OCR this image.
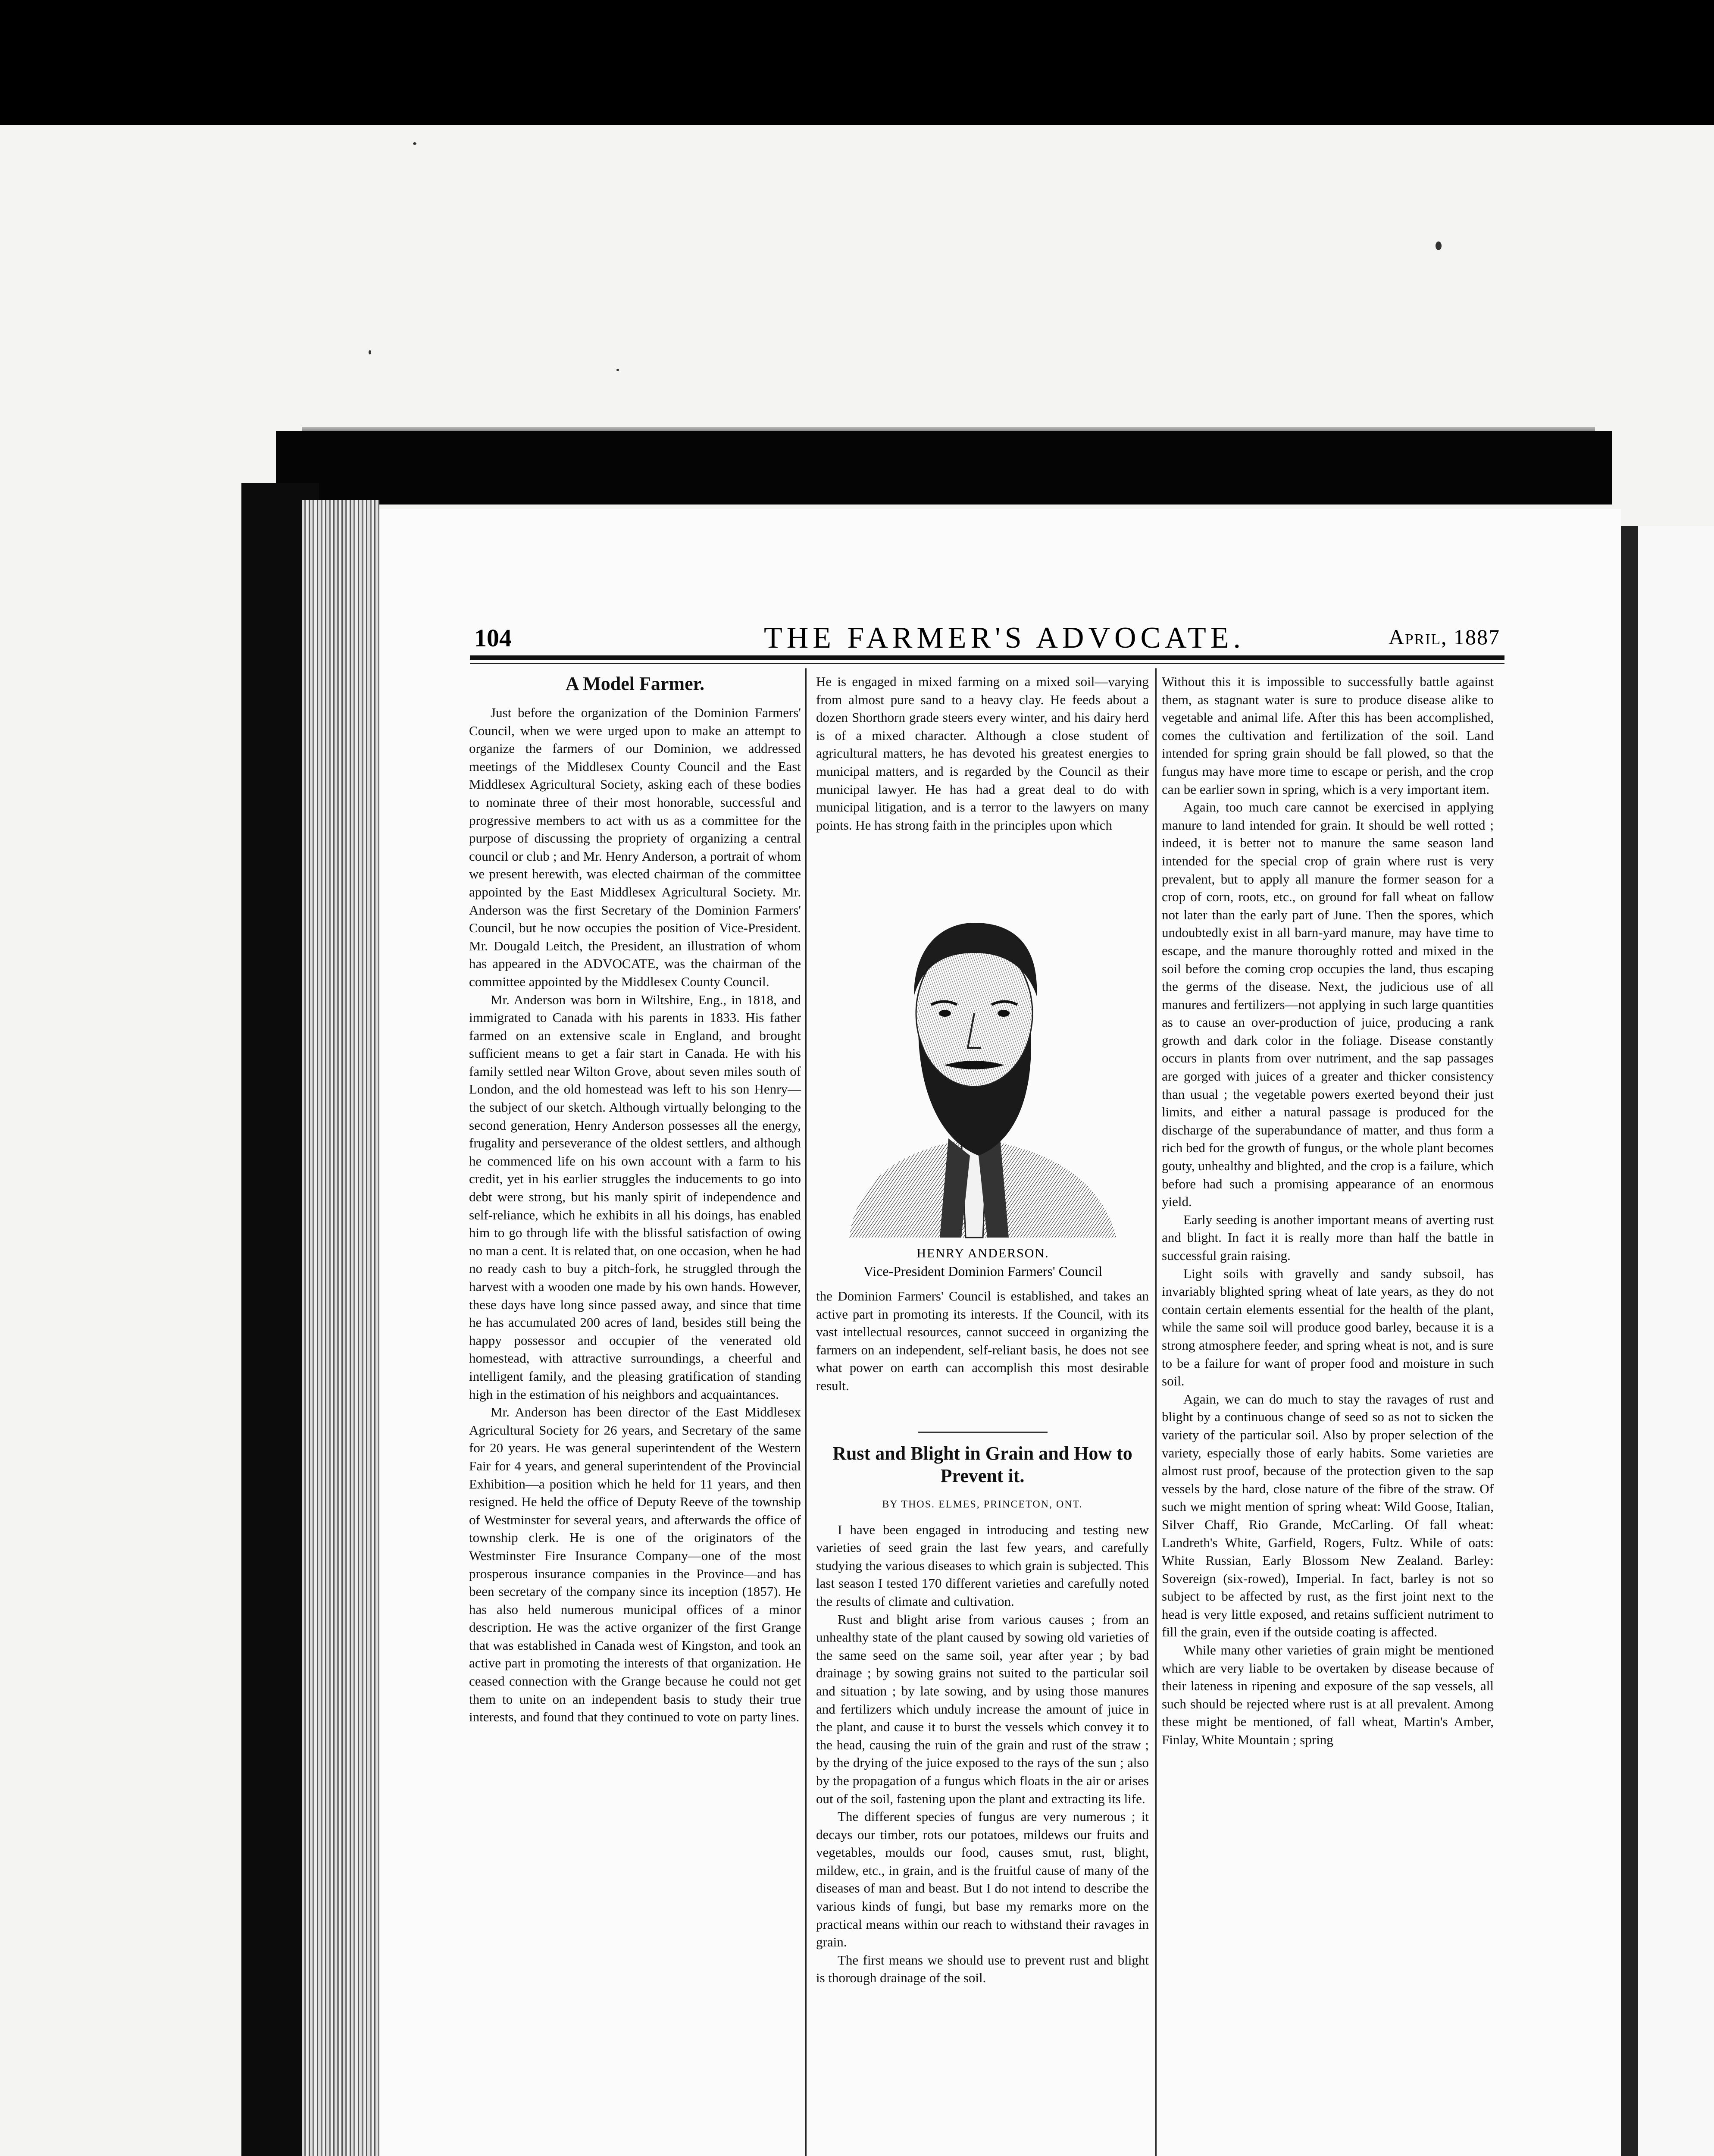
104	THE FARMER'S ADVOCATE.	April, 1887
A Model Farmer.

Just before the organization of the Dominion Farmers' Council, when we were urged upon to make an attempt to organize the farmers of our Dominion, we addressed meetings of the Middlesex County Council and the East Middlesex Agricultural Society, asking each of these bodies to nominate three of their most honorable, successful and progressive members to act with us as a committee for the purpose of discussing the propriety of organizing a central council or club ; and Mr. Henry Anderson, a portrait of whom we present herewith, was elected chairman of the committee appointed by the East Middlesex Agricultural Society. Mr. Anderson was the first Secretary of the Dominion Farmers' Council, but he now occupies the position of Vice-President. Mr. Dougald Leitch, the President, an illustration of whom has appeared in the ADVOCATE, was the chairman of the committee appointed by the Middlesex County Council.

Mr. Anderson was born in Wiltshire, Eng., in 1818, and immigrated to Canada with his parents in 1833. His father farmed on an extensive scale in England, and brought sufficient means to get a fair start in Canada. He with his family settled near Wilton Grove, about seven miles south of London, and the old homestead was left to his son Henry—the subject of our sketch. Although virtually belonging to the second generation, Henry Anderson possesses all the energy, frugality and perseverance of the oldest settlers, and although he commenced life on his own account with a farm to his credit, yet in his earlier struggles the inducements to go into debt were strong, but his manly spirit of independence and self-reliance, which he exhibits in all his doings, has enabled him to go through life with the blissful satisfaction of owing no man a cent. It is related that, on one occasion, when he had no ready cash to buy a pitch-fork, he struggled through the harvest with a wooden one made by his own hands. However, these days have long since passed away, and since that time he has accumulated 200 acres of land, besides still being the happy possessor and occupier of the venerated old homestead, with attractive surroundings, a cheerful and intelligent family, and the pleasing gratification of standing high in the estimation of his neighbors and acquaintances.

Mr. Anderson has been director of the East Middlesex Agricultural Society for 26 years, and Secretary of the same for 20 years. He was general superintendent of the Western Fair for 4 years, and general superintendent of the Provincial Exhibition—a position which he held for 11 years, and then resigned. He held the office of Deputy Reeve of the township of Westminster for several years, and afterwards the office of township clerk. He is one of the originators of the Westminster Fire Insurance Company—one of the most prosperous insurance companies in the Province—and has been secretary of the company since its inception (1857). He has also held numerous municipal offices of a minor description. He was the active organizer of the first Grange that was established in Canada west of Kingston, and took an active part in promoting the interests of that organization. He ceased connection with the Grange because he could not get them to unite on an independent basis to study their true interests, and found that they continued to vote on party lines.

He is engaged in mixed farming on a mixed soil—varying from almost pure sand to a heavy clay. He feeds about a dozen Shorthorn grade steers every winter, and his dairy herd is of a mixed character. Although a close student of agricultural matters, he has devoted his greatest energies to municipal matters, and is regarded by the Council as their municipal lawyer. He has had a great deal to do with municipal litigation, and is a terror to the lawyers on many points. He has strong faith in the principles upon which

HENRY ANDERSON.
Vice-President Dominion Farmers' Council

the Dominion Farmers' Council is established, and takes an active part in promoting its interests. If the Council, with its vast intellectual resources, cannot succeed in organizing the farmers on an independent, self-reliant basis, he does not see what power on earth can accomplish this most desirable result.

Rust and Blight in Grain and How to Prevent it.
BY THOS. ELMES, PRINCETON, ONT.

I have been engaged in introducing and testing new varieties of seed grain the last few years, and carefully studying the various diseases to which grain is subjected. This last season I tested 170 different varieties and carefully noted the results of climate and cultivation.

Rust and blight arise from various causes ; from an unhealthy state of the plant caused by sowing old varieties of the same seed on the same soil, year after year ; by bad drainage ; by sowing grains not suited to the particular soil and situation ; by late sowing, and by using those manures and fertilizers which unduly increase the amount of juice in the plant, and cause it to burst the vessels which convey it to the head, causing the ruin of the grain and rust of the straw ; by the drying of the juice exposed to the rays of the sun ; also by the propagation of a fungus which floats in the air or arises out of the soil, fastening upon the plant and extracting its life.

The different species of fungus are very numerous ; it decays our timber, rots our potatoes, mildews our fruits and vegetables, moulds our food, causes smut, rust, blight, mildew, etc., in grain, and is the fruitful cause of many of the diseases of man and beast. But I do not intend to describe the various kinds of fungi, but base my remarks more on the practical means within our reach to withstand their ravages in grain.

The first means we should use to prevent rust and blight is thorough drainage of the soil.

Without this it is impossible to successfully battle against them, as stagnant water is sure to produce disease alike to vegetable and animal life. After this has been accomplished, comes the cultivation and fertilization of the soil. Land intended for spring grain should be fall plowed, so that the fungus may have more time to escape or perish, and the crop can be earlier sown in spring, which is a very important item.

Again, too much care cannot be exercised in applying manure to land intended for grain. It should be well rotted ; indeed, it is better not to manure the same season land intended for the special crop of grain where rust is very prevalent, but to apply all manure the former season for a crop of corn, roots, etc., on ground for fall wheat on fallow not later than the early part of June. Then the spores, which undoubtedly exist in all barn-yard manure, may have time to escape, and the manure thoroughly rotted and mixed in the soil before the coming crop occupies the land, thus escaping the germs of the disease. Next, the judicious use of all manures and fertilizers—not applying in such large quantities as to cause an over-production of juice, producing a rank growth and dark color in the foliage. Disease constantly occurs in plants from over nutriment, and the sap passages are gorged with juices of a greater and thicker consistency than usual ; the vegetable powers exerted beyond their just limits, and either a natural passage is produced for the discharge of the superabundance of matter, and thus form a rich bed for the growth of fungus, or the whole plant becomes gouty, unhealthy and blighted, and the crop is a failure, which before had such a promising appearance of an enormous yield.

Early seeding is another important means of averting rust and blight. In fact it is really more than half the battle in successful grain raising.

Light soils with gravelly and sandy subsoil, has invariably blighted spring wheat of late years, as they do not contain certain elements essential for the health of the plant, while the same soil will produce good barley, because it is a strong atmosphere feeder, and spring wheat is not, and is sure to be a failure for want of proper food and moisture in such soil.

Again, we can do much to stay the ravages of rust and blight by a continuous change of seed so as not to sicken the variety of the particular soil. Also by proper selection of the variety, especially those of early habits. Some varieties are almost rust proof, because of the protection given to the sap vessels by the hard, close nature of the fibre of the straw. Of such we might mention of spring wheat: Wild Goose, Italian, Silver Chaff, Rio Grande, McCarling. Of fall wheat: Landreth's White, Garfield, Rogers, Fultz. While of oats: White Russian, Early Blossom New Zealand. Barley: Sovereign (six-rowed), Imperial. In fact, barley is not so subject to be affected by rust, as the first joint next to the head is very little exposed, and retains sufficient nutriment to fill the grain, even if the outside coating is affected.

While many other varieties of grain might be mentioned which are very liable to be overtaken by disease because of their lateness in ripening and exposure of the sap vessels, all such should be rejected where rust is at all prevalent. Among these might be mentioned, of fall wheat, Martin's Amber, Finlay, White Mountain ; spring
